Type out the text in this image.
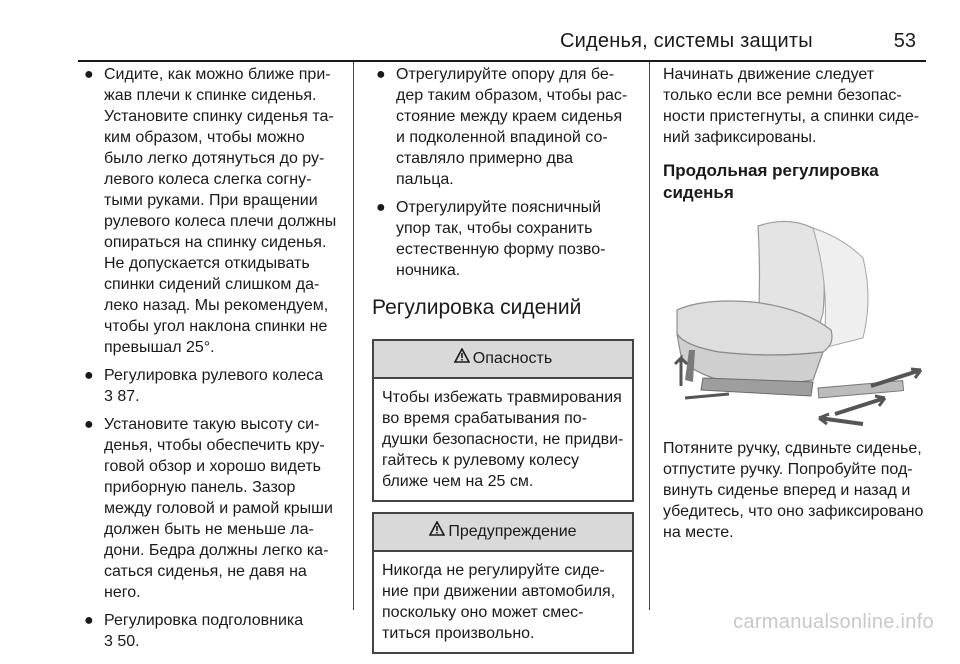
Сиденья, системы защиты	53
● Сидите, как можно ближе при-
жав плечи к спинке сиденья.
Установите спинку сиденья та-
ким образом, чтобы можно
было легко дотянуться до ру-
левого колеса слегка согну-
тыми руками. При вращении
рулевого колеса плечи должны
опираться на спинку сиденья.
Не допускается откидывать
спинки сидений слишком да-
леко назад. Мы рекомендуем,
чтобы угол наклона спинки не
превышал 25°.
● Регулировка рулевого колеса
3 87.
● Установите такую высоту си-
денья, чтобы обеспечить кру-
говой обзор и хорошо видеть
приборную панель. Зазор
между головой и рамой крыши
должен быть не меньше ла-
дони. Бедра должны легко ка-
саться сиденья, не давя на
него.
● Регулировка подголовника
3 50.
● Отрегулируйте опору для бе-
дер таким образом, чтобы рас-
стояние между краем сиденья
и подколенной впадиной со-
ставляло примерно два
пальца.
● Отрегулируйте поясничный
упор так, чтобы сохранить
естественную форму позво-
ночника.
Регулировка сидений
Опасность
Чтобы избежать травмирования
во время срабатывания по-
душки безопасности, не придви-
гайтесь к рулевому колесу
ближе чем на 25 см.
Предупреждение
Никогда не регулируйте сиде-
ние при движении автомобиля,
поскольку оно может смес-
титься произвольно.
Начинать движение следует
только если все ремни безопас-
ности пристегнуты, а спинки сиде-
ний зафиксированы.
Продольная регулировка
сиденья
Потяните ручку, сдвиньте сиденье,
отпустите ручку. Попробуйте под-
винуть сиденье вперед и назад и
убедитесь, что оно зафиксировано
на месте.
carmanualsonline.info
